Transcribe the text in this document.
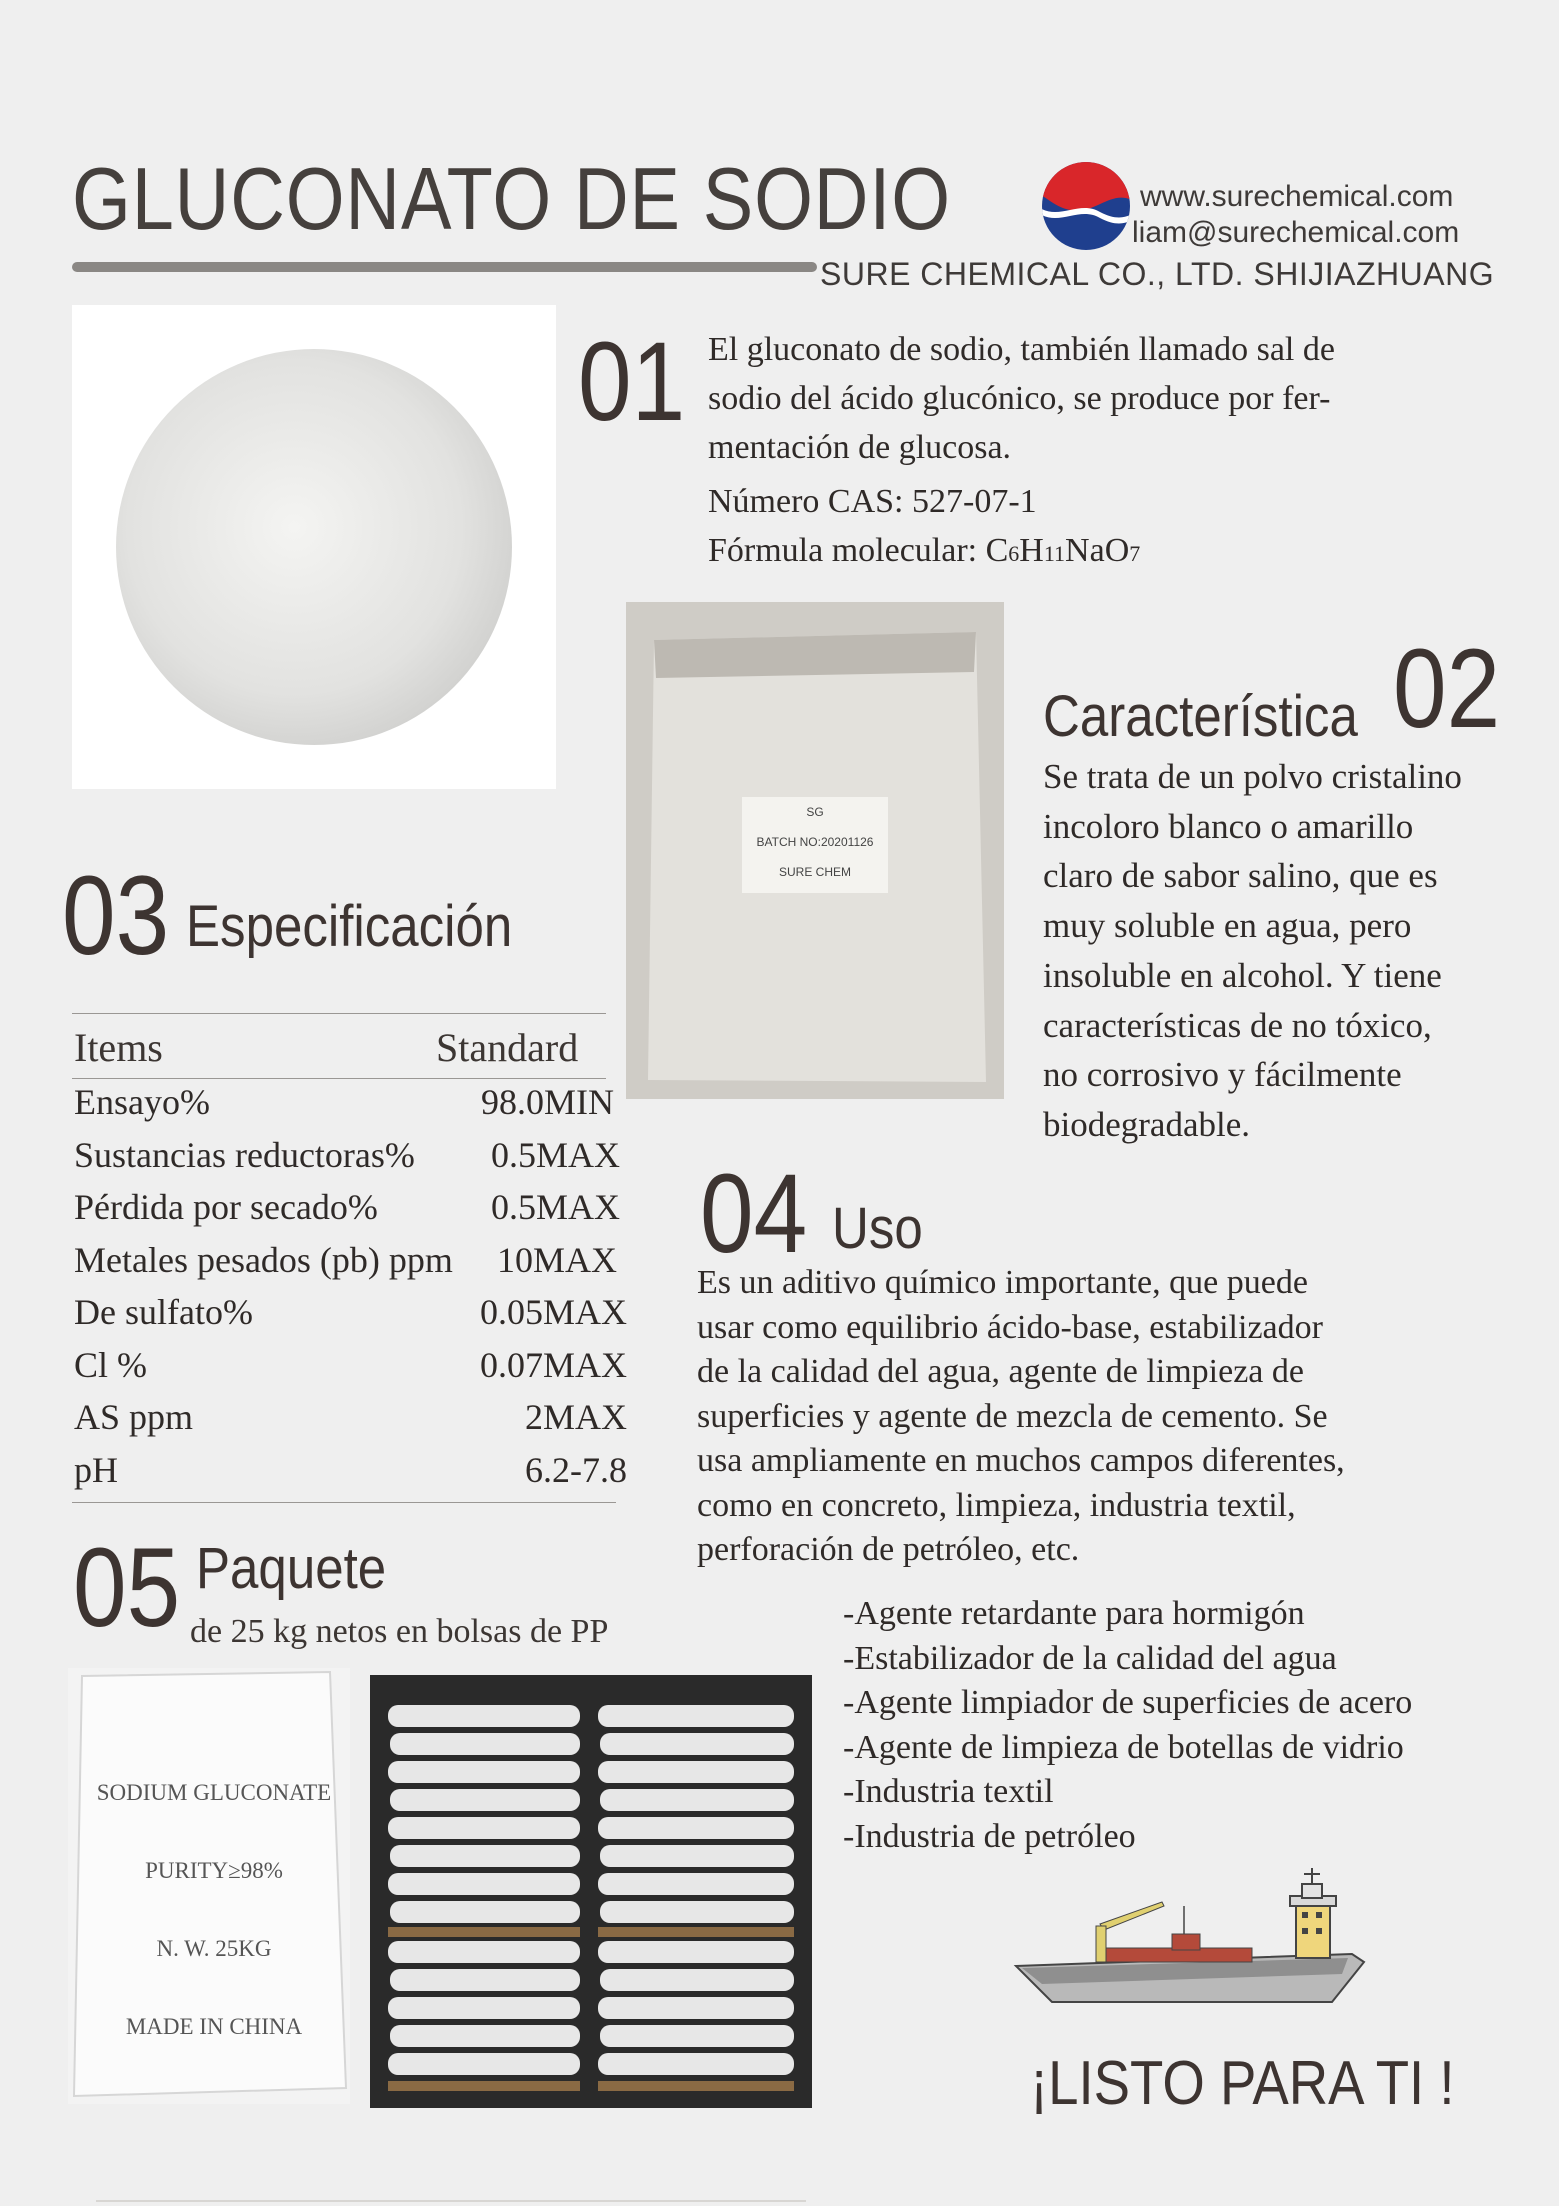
GLUCONATO DE SODIO	www.surechemical.com
liam@surechemical.com
SURE CHEMICAL CO., LTD. SHIJIAZHUANG
01 El gluconato de sodio, también llamado sal de
sodio del ácido glucónico, se produce por fer-
mentación de glucosa.
Número CAS: 527-07-1
Fórmula molecular: C6H11NaO7
SG
BATCH NO:20201126
SURE CHEM
Característica 02
Se trata de un polvo cristalino
incoloro blanco o amarillo
claro de sabor salino, que es
muy soluble en agua, pero
insoluble en alcohol. Y tiene
características de no tóxico,
no corrosivo y fácilmente
biodegradable.
03 Especificación
Items	Standard
Ensayo%	98.0MIN
Sustancias reductoras%	0.5MAX
Pérdida por secado%	0.5MAX
Metales pesados (pb) ppm	10MAX
De sulfato%	0.05MAX
Cl %	0.07MAX
AS ppm	2MAX
pH	6.2-7.8
04 Uso
Es un aditivo químico importante, que puede
usar como equilibrio ácido-base, estabilizador
de la calidad del agua, agente de limpieza de
superficies y agente de mezcla de cemento. Se
usa ampliamente en muchos campos diferentes,
como en concreto, limpieza, industria textil,
perforación de petróleo, etc.
-Agente retardante para hormigón
-Estabilizador de la calidad del agua
-Agente limpiador de superficies de acero
-Agente de limpieza de botellas de vidrio
-Industria textil
-Industria de petróleo
05 Paquete
de 25 kg netos en bolsas de PP
SODIUM GLUCONATE
PURITY≥98%
N. W. 25KG
MADE IN CHINA
¡LISTO PARA TI !
